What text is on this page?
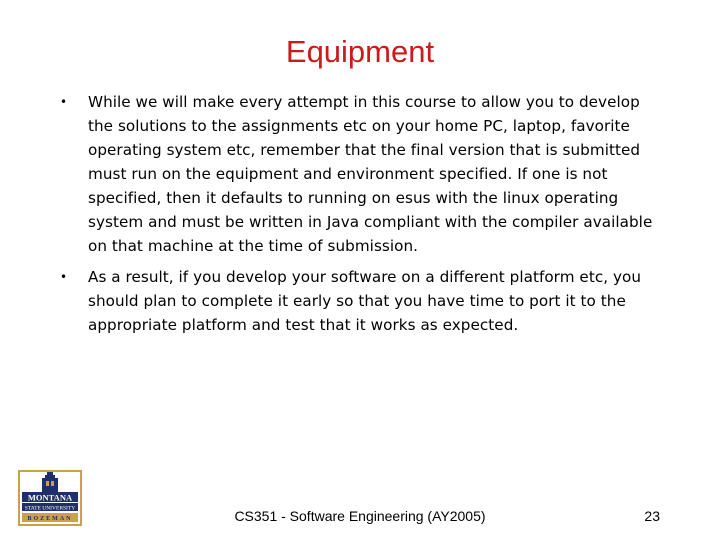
Equipment
•	While we will make every attempt in this course to allow you to develop the solutions to the assignments etc on your home PC, laptop, favorite operating system etc, remember that the final version that is submitted must run on the equipment and environment specified. If one is not specified, then it defaults to running on esus with the linux operating system and must be written in Java compliant with the compiler available on that machine at the time of submission.
•	As a result, if you develop your software on a different platform etc, you should plan to complete it early so that you have time to port it to the appropriate platform and test that it works as expected.
MONTANA
STATE UNIVERSITY
BOZEMAN	CS351 - Software Engineering (AY2005)	23
